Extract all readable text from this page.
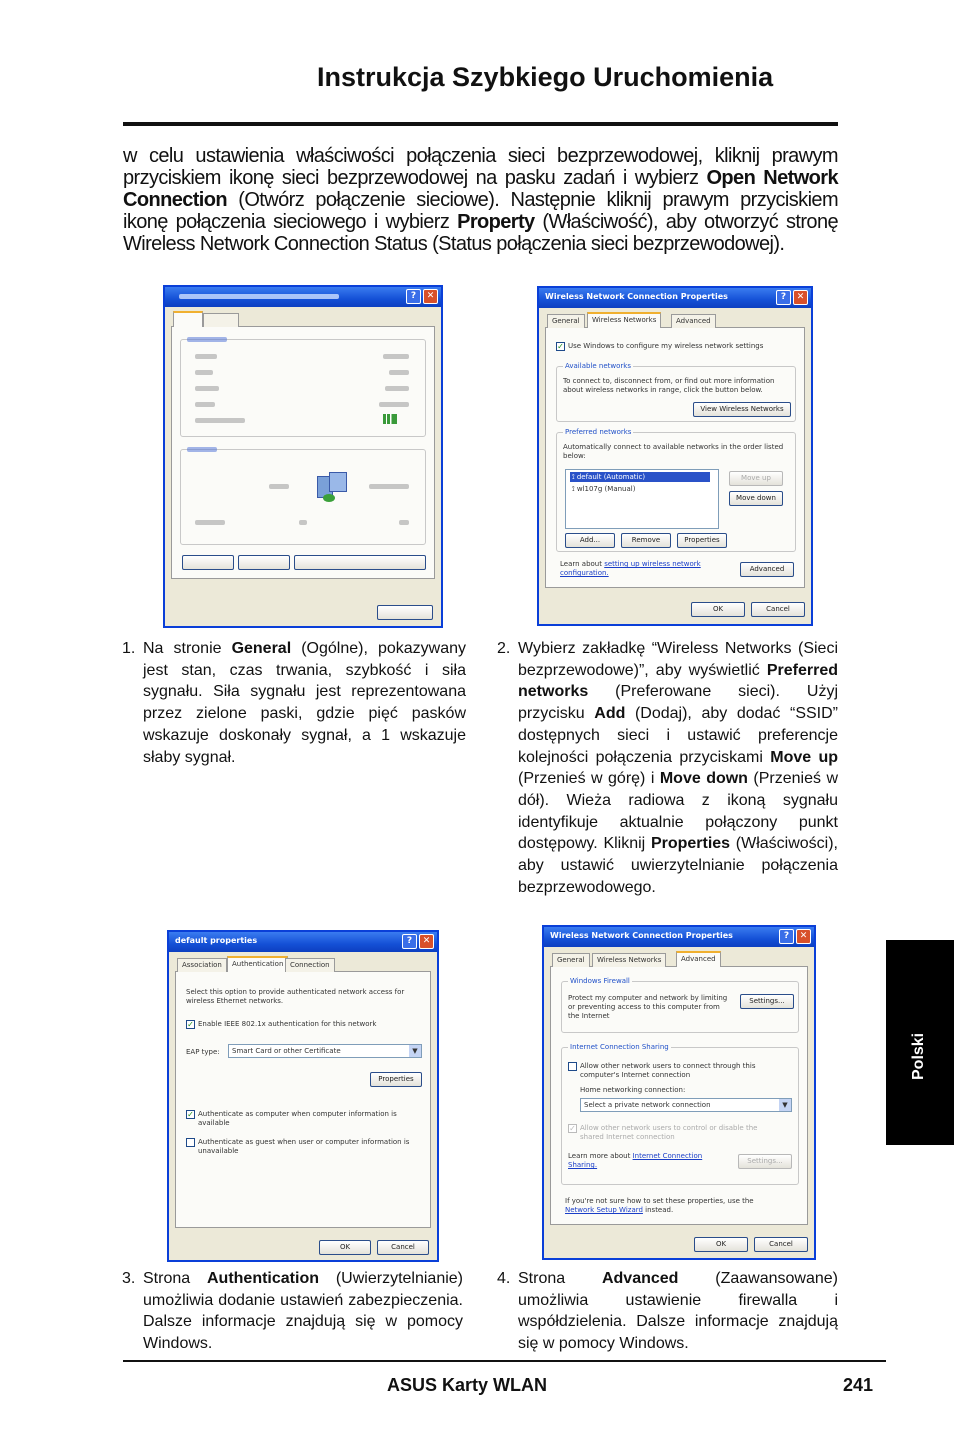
Instrukcja Szybkiego Uruchomienia

w celu ustawienia właściwości połączenia sieci bezprzewodowej, kliknij prawym przyciskiem ikonę sieci bezprzewodowej na pasku zadań i wybierz Open Network Connection (Otwórz połączenie sieciowe). Następnie kliknij prawym przyciskiem ikonę połączenia sieciowego i wybierz Property (Właściwość), aby otworzyć stronę Wireless Network Connection Status (Status połączenia sieci bezprzewodowej).

?	✕	Wireless Network Connection Properties	?	✕
General	Wireless Networks	Advanced
✓ Use Windows to configure my wireless network settings
Available networks
To connect to, disconnect from, or find out more information about wireless networks in range, click the button below.
View Wireless Networks
Preferred networks
Automatically connect to available networks in the order listed below:
⟟ default (Automatic)
⟟ wl107g (Manual)
Move up
Move down
Add...	Remove	Properties
Learn about setting up wireless network configuration.	Advanced
OK	Cancel
1. Na stronie General (Ogólne), pokazywany jest stan, czas trwania, szybkość i siła sygnału. Siła sygnału jest reprezentowana przez zielone paski, gdzie pięć pasków wskazuje doskonały sygnał, a 1 wskazuje słaby sygnał.
2. Wybierz zakładkę “Wireless Networks (Sieci bezprzewodowe)”, aby wyświetlić Preferred networks (Preferowane sieci). Użyj przycisku Add (Dodaj), aby dodać “SSID” dostępnych sieci i ustawić preferencje kolejności połączenia przyciskami Move up (Przenieś w górę) i Move down (Przenieś w dół). Wieża radiowa z ikoną sygnału identyfikuje aktualnie połączony punkt dostępowy. Kliknij Properties (Właściwości), aby ustawić uwierzytelnianie połączenia bezprzewodowego.
default properties	?	✕
Association	Authentication Connection
Select this option to provide authenticated network access for wireless Ethernet networks.
✓ Enable IEEE 802.1x authentication for this network
EAP type:	Smart Card or other Certificate	▼
Properties
✓ Authenticate as computer when computer information is available
Authenticate as guest when user or computer information is unavailable
OK	Cancel
Wireless Network Connection Properties	?	✕
General	Wireless Networks	Advanced
Windows Firewall
Protect my computer and network by limiting or preventing access to this computer from the Internet
Settings...
Internet Connection Sharing
Allow other network users to connect through this computer's Internet connection
Home networking connection:
Select a private network connection	▼
✓ Allow other network users to control or disable the shared Internet connection
Learn more about Internet Connection Sharing.	Settings...
If you're not sure how to set these properties, use the Network Setup Wizard instead.
OK	Cancel
3. Strona Authentication (Uwierzytelnianie) umożliwia dodanie ustawień zabezpieczenia. Dalsze informacje znajdują się w pomocy Windows.
4. Strona Advanced (Zaawansowane) umożliwia ustawienie firewalla i współdzielenia. Dalsze informacje znajdują się w pomocy Windows.
ASUS Karty WLAN	241
Polski
